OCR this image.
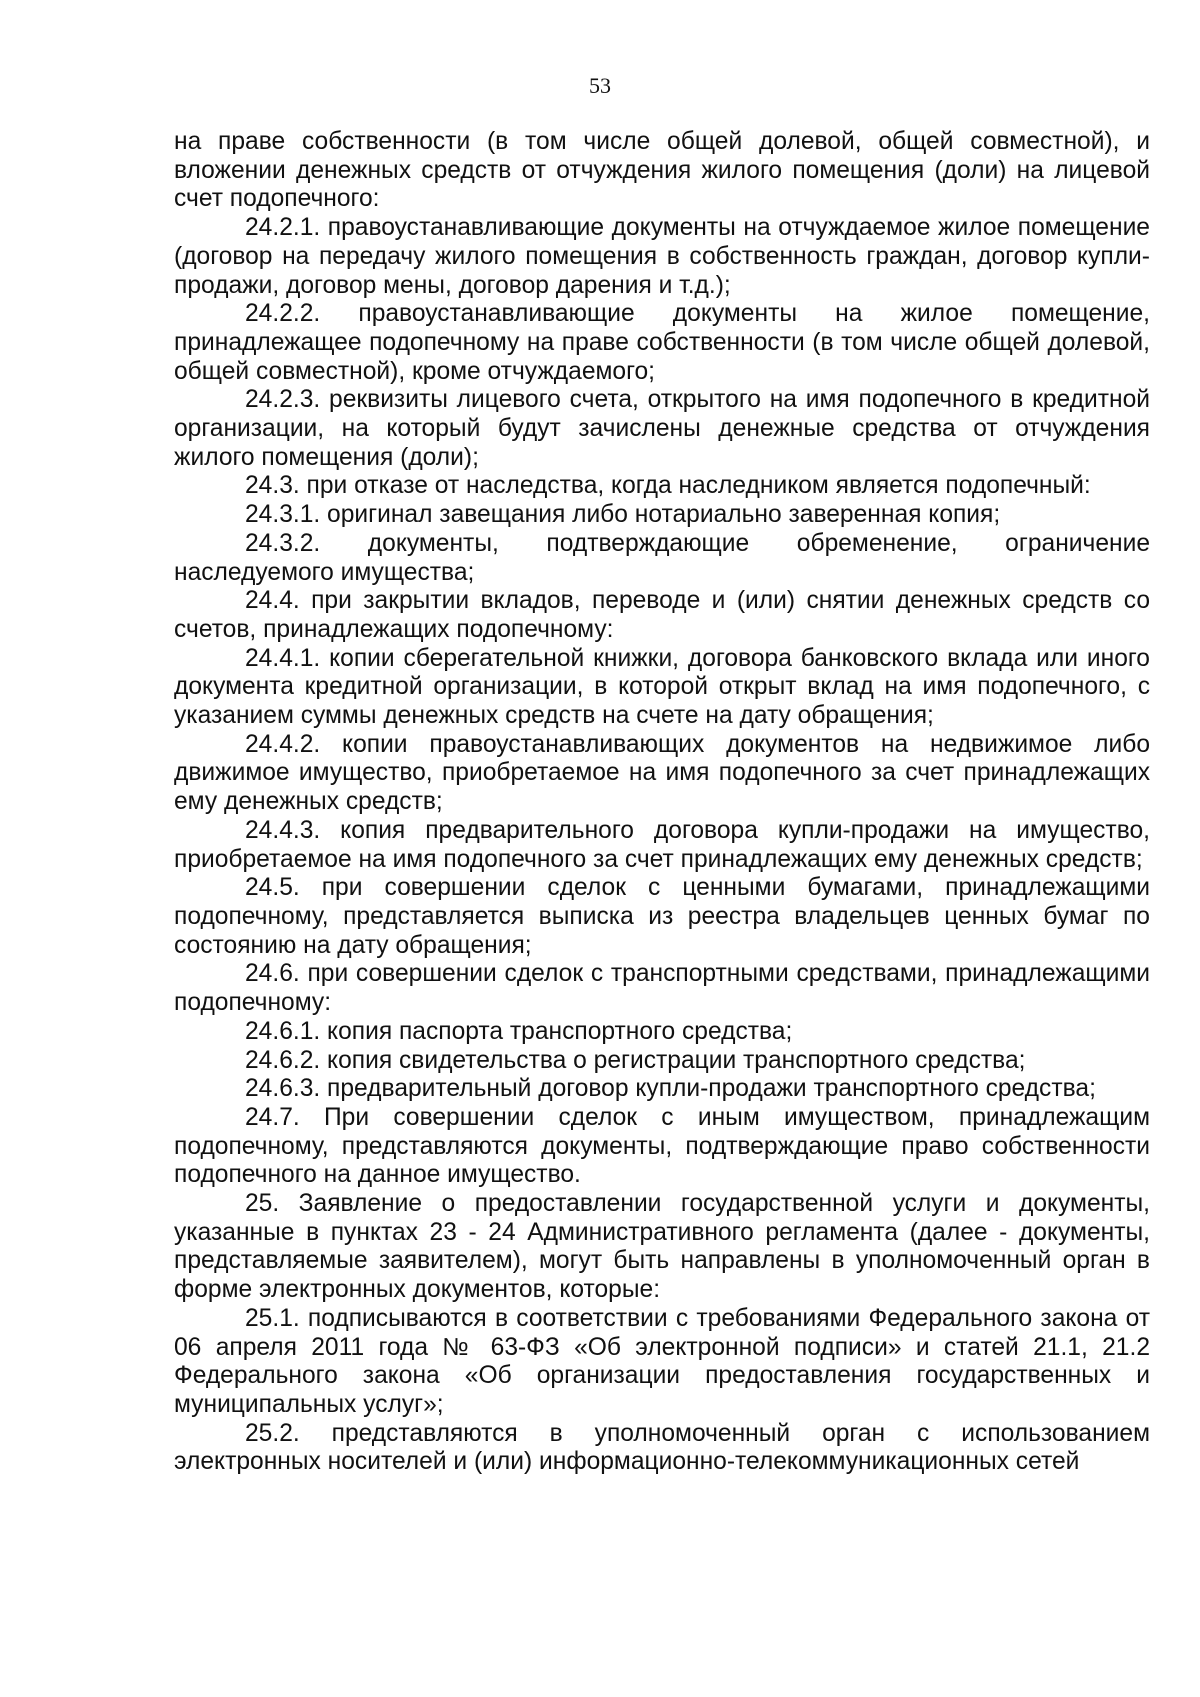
53

на праве собственности (в том числе общей долевой, общей совместной), и вложении денежных средств от отчуждения жилого помещения (доли) на лицевой счет подопечного:

24.2.1. правоустанавливающие документы на отчуждаемое жилое помещение (договор на передачу жилого помещения в собственность граждан, договор купли-продажи, договор мены, договор дарения и т.д.);

24.2.2. правоустанавливающие документы на жилое помещение, принадлежащее подопечному на праве собственности (в том числе общей долевой, общей совместной), кроме отчуждаемого;

24.2.3. реквизиты лицевого счета, открытого на имя подопечного в кредитной организации, на который будут зачислены денежные средства от отчуждения жилого помещения (доли);

24.3. при отказе от наследства, когда наследником является подопечный:

24.3.1. оригинал завещания либо нотариально заверенная копия;

24.3.2. документы, подтверждающие обременение, ограничение наследуемого имущества;

24.4. при закрытии вкладов, переводе и (или) снятии денежных средств со счетов, принадлежащих подопечному:

24.4.1. копии сберегательной книжки, договора банковского вклада или иного документа кредитной организации, в которой открыт вклад на имя подопечного, с указанием суммы денежных средств на счете на дату обращения;

24.4.2. копии правоустанавливающих документов на недвижимое либо движимое имущество, приобретаемое на имя подопечного за счет принадлежащих ему денежных средств;

24.4.3. копия предварительного договора купли-продажи на имущество, приобретаемое на имя подопечного за счет принадлежащих ему денежных средств;

24.5. при совершении сделок с ценными бумагами, принадлежащими подопечному, представляется выписка из реестра владельцев ценных бумаг по состоянию на дату обращения;

24.6. при совершении сделок с транспортными средствами, принадлежащими подопечному:

24.6.1. копия паспорта транспортного средства;

24.6.2. копия свидетельства о регистрации транспортного средства;

24.6.3. предварительный договор купли-продажи транспортного средства;

24.7. При совершении сделок с иным имуществом, принадлежащим подопечному, представляются документы, подтверждающие право собственности подопечного на данное имущество.

25. Заявление о предоставлении государственной услуги и документы, указанные в пунктах 23 - 24 Административного регламента (далее - документы, представляемые заявителем), могут быть направлены в уполномоченный орган в форме электронных документов, которые:

25.1. подписываются в соответствии с требованиями Федерального закона от 06 апреля 2011 года № 63-ФЗ «Об электронной подписи» и статей 21.1, 21.2 Федерального закона «Об организации предоставления государственных и муниципальных услуг»;

25.2. представляются в уполномоченный орган с использованием электронных носителей и (или) информационно-телекоммуникационных сетей
